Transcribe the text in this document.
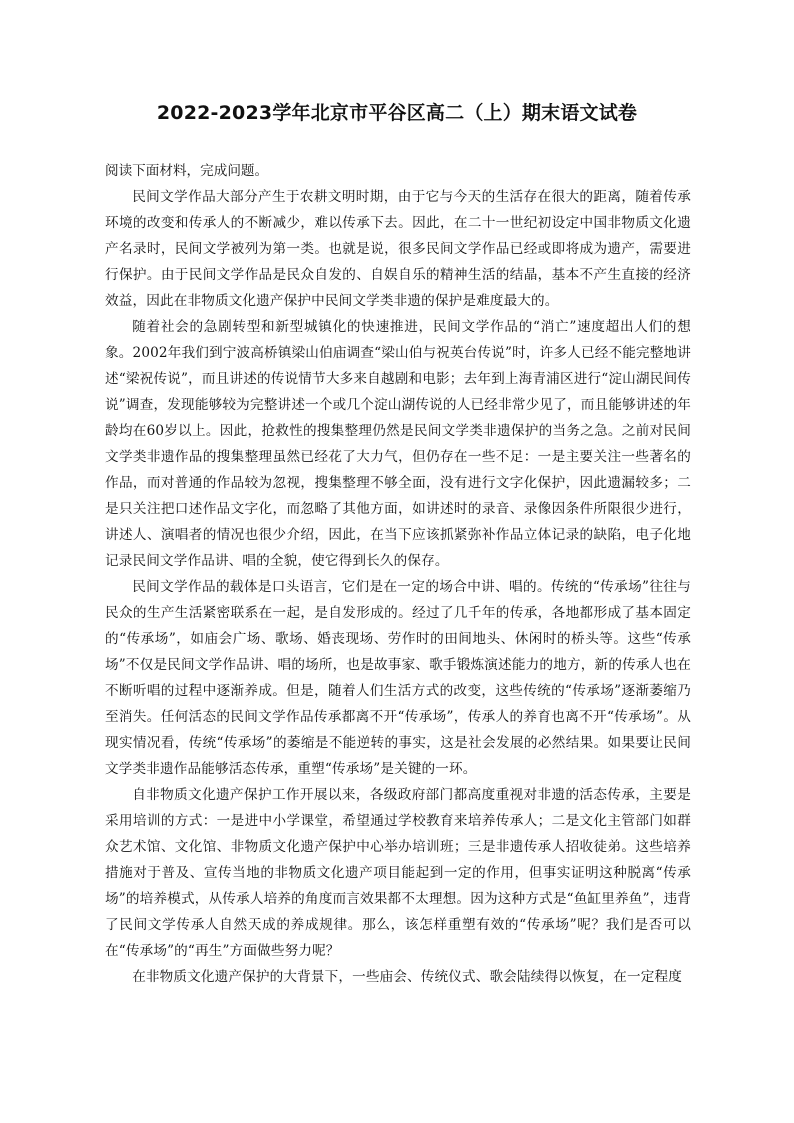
2022-2023学年北京市平谷区高二（上）期末语文试卷

阅读下面材料，完成问题。

民间文学作品大部分产生于农耕文明时期，由于它与今天的生活存在很大的距离，随着传承环境的改变和传承人的不断减少，难以传承下去。因此，在二十一世纪初设定中国非物质文化遗产名录时，民间文学被列为第一类。也就是说，很多民间文学作品已经或即将成为遗产，需要进行保护。由于民间文学作品是民众自发的、自娱自乐的精神生活的结晶，基本不产生直接的经济效益，因此在非物质文化遗产保护中民间文学类非遗的保护是难度最大的。

随着社会的急剧转型和新型城镇化的快速推进，民间文学作品的“消亡”速度超出人们的想象。2002年我们到宁波高桥镇梁山伯庙调查“梁山伯与祝英台传说”时，许多人已经不能完整地讲述“梁祝传说”，而且讲述的传说情节大多来自越剧和电影；去年到上海青浦区进行“淀山湖民间传说”调查，发现能够较为完整讲述一个或几个淀山湖传说的人已经非常少见了，而且能够讲述的年龄均在60岁以上。因此，抢救性的搜集整理仍然是民间文学类非遗保护的当务之急。之前对民间文学类非遗作品的搜集整理虽然已经花了大力气，但仍存在一些不足：一是主要关注一些著名的作品，而对普通的作品较为忽视，搜集整理不够全面，没有进行文字化保护，因此遗漏较多；二是只关注把口述作品文字化，而忽略了其他方面，如讲述时的录音、录像因条件所限很少进行，讲述人、演唱者的情况也很少介绍，因此，在当下应该抓紧弥补作品立体记录的缺陷，电子化地记录民间文学作品讲、唱的全貌，使它得到长久的保存。

民间文学作品的载体是口头语言，它们是在一定的场合中讲、唱的。传统的“传承场”往往与民众的生产生活紧密联系在一起，是自发形成的。经过了几千年的传承，各地都形成了基本固定的“传承场”，如庙会广场、歌场、婚丧现场、劳作时的田间地头、休闲时的桥头等。这些“传承场”不仅是民间文学作品讲、唱的场所，也是故事家、歌手锻炼演述能力的地方，新的传承人也在不断听唱的过程中逐渐养成。但是，随着人们生活方式的改变，这些传统的“传承场”逐渐萎缩乃至消失。任何活态的民间文学作品传承都离不开“传承场”，传承人的养育也离不开“传承场”。从现实情况看，传统“传承场”的萎缩是不能逆转的事实，这是社会发展的必然结果。如果要让民间文学类非遗作品能够活态传承，重塑“传承场”是关键的一环。

自非物质文化遗产保护工作开展以来，各级政府部门都高度重视对非遗的活态传承，主要是采用培训的方式：一是进中小学课堂，希望通过学校教育来培养传承人；二是文化主管部门如群众艺术馆、文化馆、非物质文化遗产保护中心举办培训班；三是非遗传承人招收徒弟。这些培养措施对于普及、宣传当地的非物质文化遗产项目能起到一定的作用，但事实证明这种脱离“传承场”的培养模式，从传承人培养的角度而言效果都不太理想。因为这种方式是“鱼缸里养鱼”，违背了民间文学传承人自然天成的养成规律。那么，该怎样重塑有效的“传承场”呢？我们是否可以在“传承场”的“再生”方面做些努力呢？

在非物质文化遗产保护的大背景下，一些庙会、传统仪式、歌会陆续得以恢复，在一定程度
